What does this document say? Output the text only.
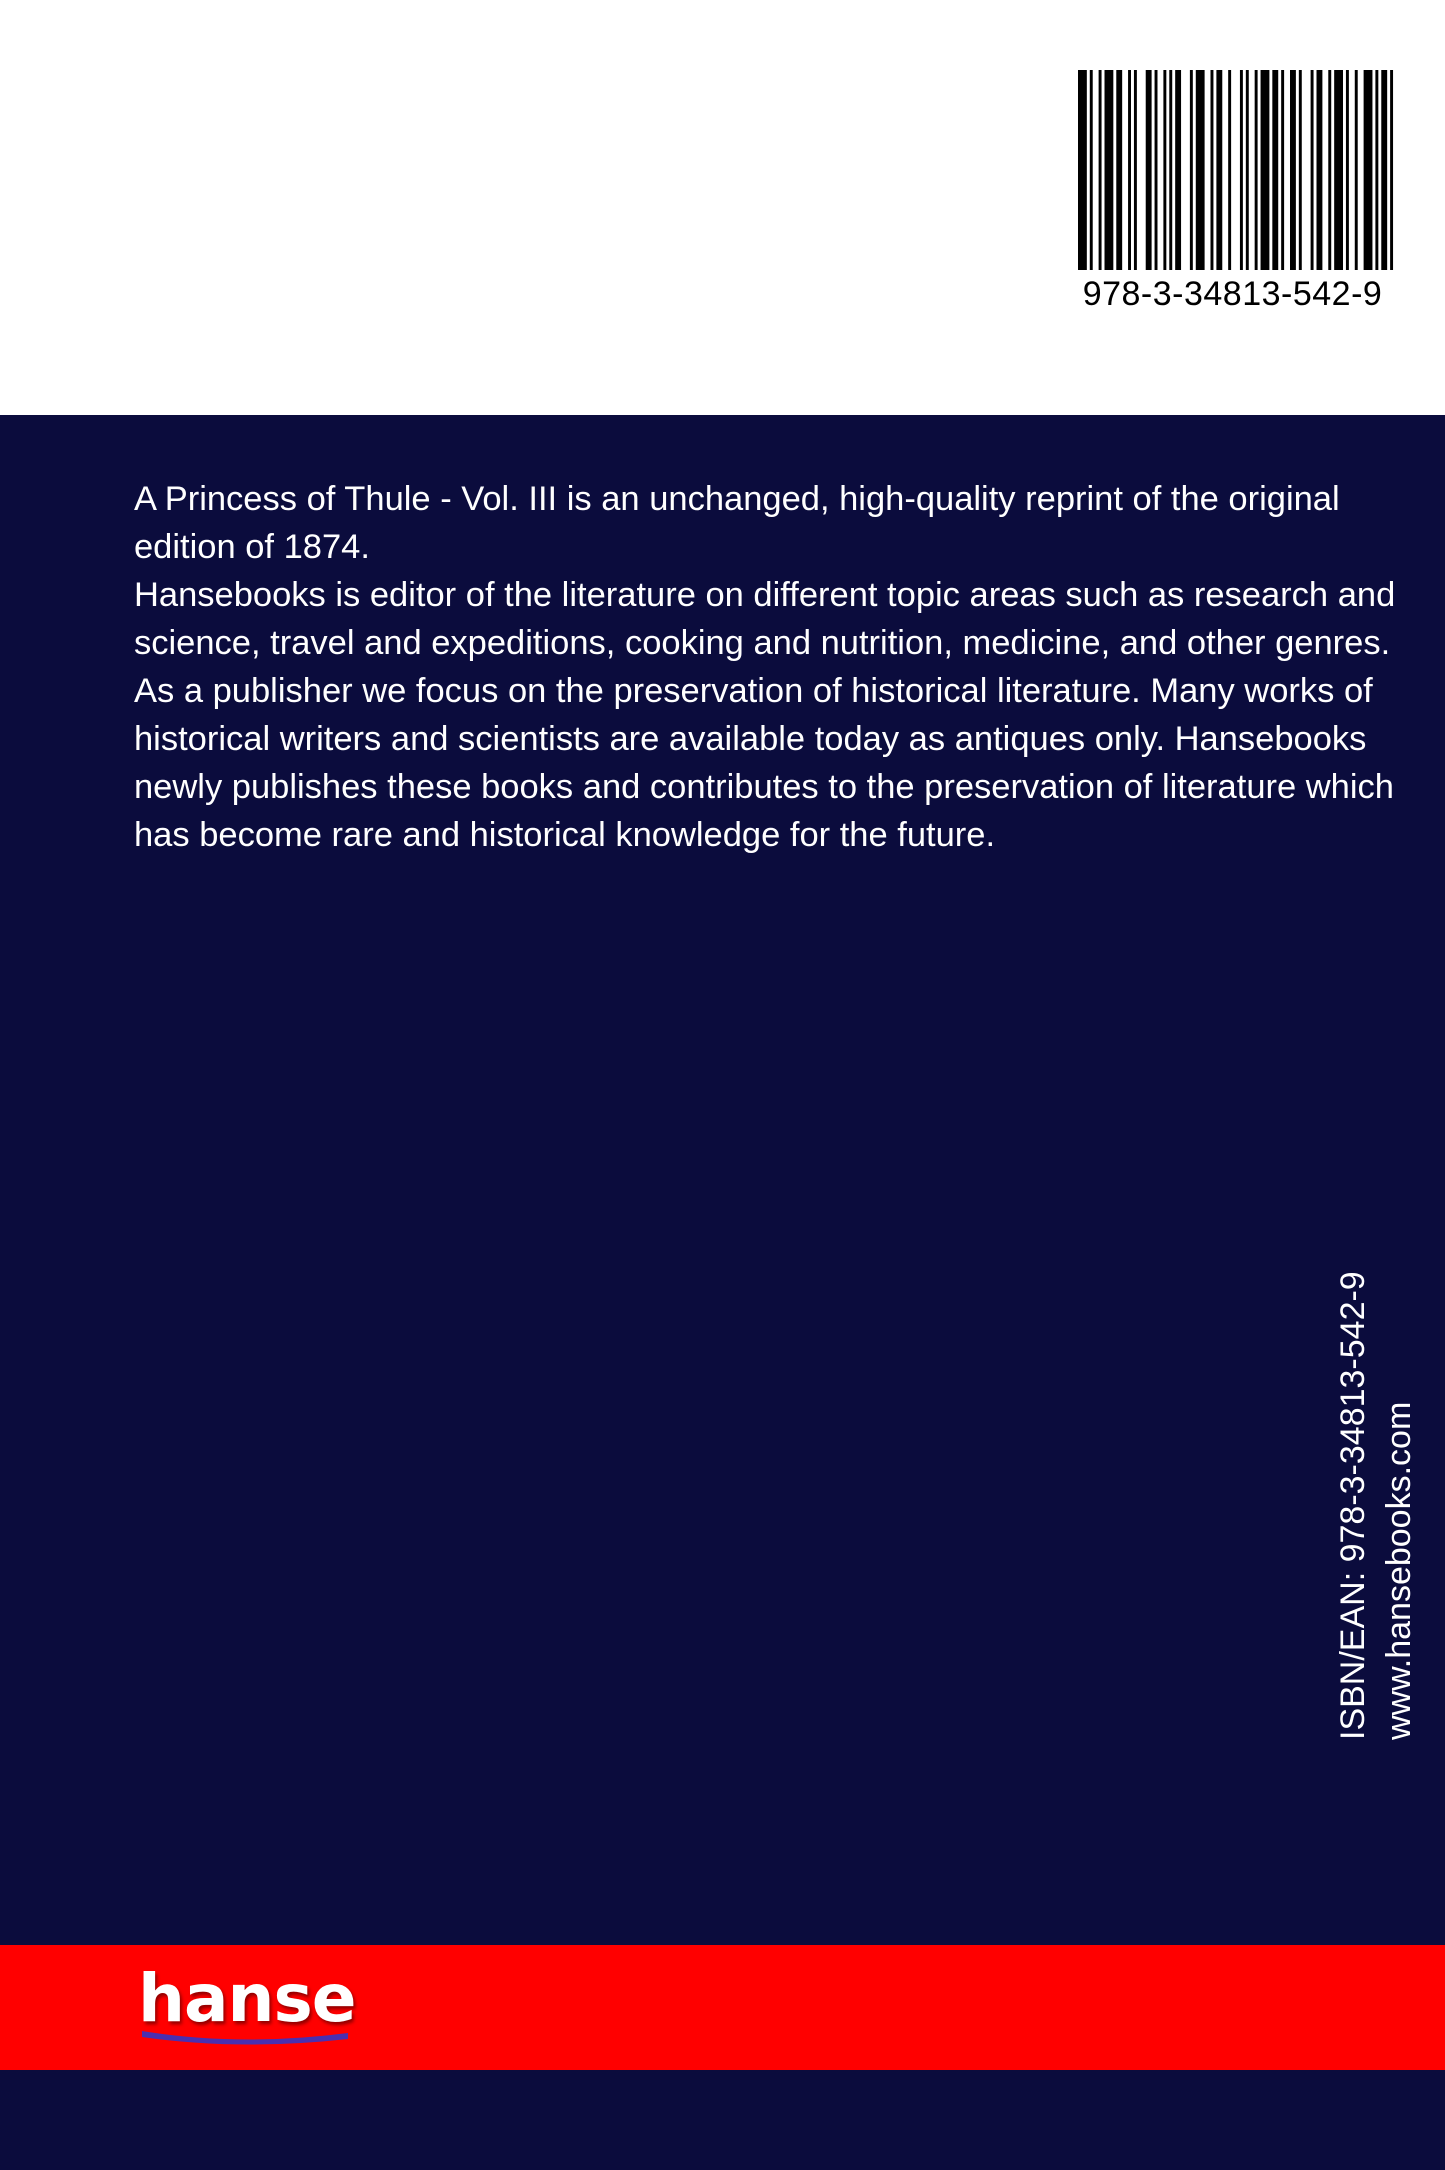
978-3-34813-542-9

A Princess of Thule - Vol. III is an unchanged, high-quality reprint of the original edition of 1874.

Hansebooks is editor of the literature on different topic areas such as research and science, travel and expeditions, cooking and nutrition, medicine, and other genres. As a publisher we focus on the preservation of historical literature. Many works of historical writers and scientists are available today as antiques only. Hansebooks newly publishes these books and contributes to the preservation of literature which has become rare and historical knowledge for the future.

ISBN/EAN: 978-3-34813-542-9 www.hansebooks.com
hanse
